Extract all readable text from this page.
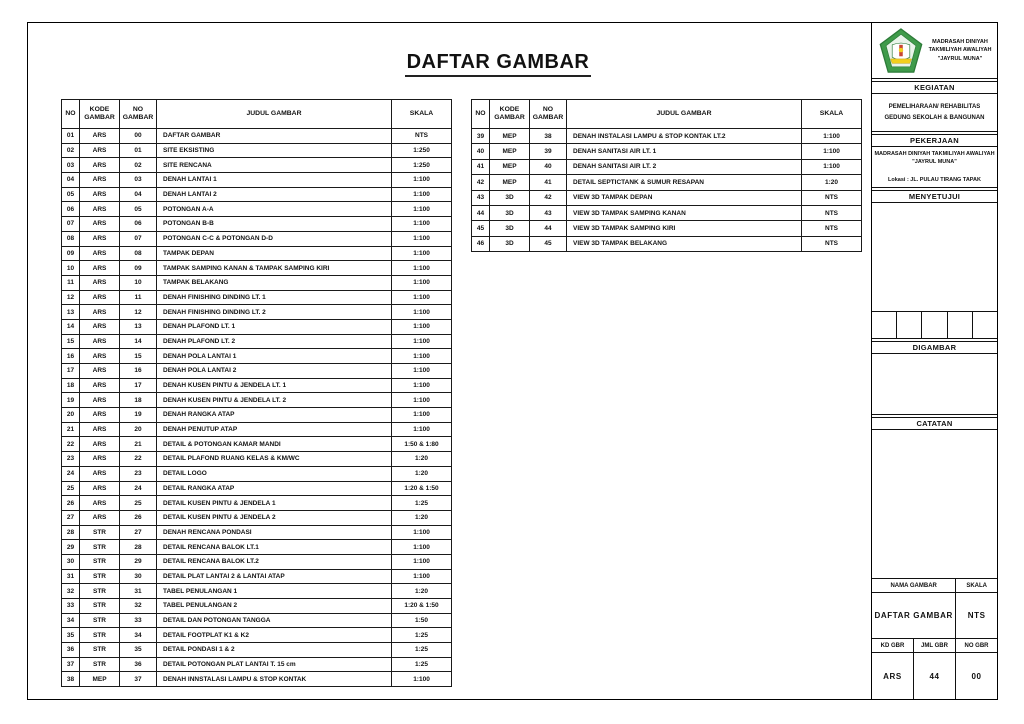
DAFTAR GAMBAR
NO	KODE GAMBAR	NO GAMBAR	JUDUL GAMBAR	SKALA
01	ARS	00	DAFTAR GAMBAR	NTS
02	ARS	01	SITE EKSISTING	1:250
03	ARS	02	SITE RENCANA	1:250
04	ARS	03	DENAH LANTAI 1	1:100
05	ARS	04	DENAH LANTAI 2	1:100
06	ARS	05	POTONGAN A-A	1:100
07	ARS	06	POTONGAN B-B	1:100
08	ARS	07	POTONGAN C-C & POTONGAN D-D	1:100
09	ARS	08	TAMPAK DEPAN	1:100
10	ARS	09	TAMPAK SAMPING KANAN & TAMPAK SAMPING KIRI	1:100
11	ARS	10	TAMPAK BELAKANG	1:100
12	ARS	11	DENAH FINISHING DINDING LT. 1	1:100
13	ARS	12	DENAH FINISHING DINDING LT. 2	1:100
14	ARS	13	DENAH PLAFOND LT. 1	1:100
15	ARS	14	DENAH PLAFOND LT. 2	1:100
16	ARS	15	DENAH POLA LANTAI 1	1:100
17	ARS	16	DENAH POLA LANTAI 2	1:100
18	ARS	17	DENAH KUSEN PINTU & JENDELA LT. 1	1:100
19	ARS	18	DENAH KUSEN PINTU & JENDELA LT. 2	1:100
20	ARS	19	DENAH RANGKA ATAP	1:100
21	ARS	20	DENAH PENUTUP ATAP	1:100
22	ARS	21	DETAIL & POTONGAN KAMAR MANDI	1:50 & 1:80
23	ARS	22	DETAIL PLAFOND RUANG KELAS & KM/WC	1:20
24	ARS	23	DETAIL LOGO	1:20
25	ARS	24	DETAIL RANGKA ATAP	1:20 & 1:50
26	ARS	25	DETAIL KUSEN PINTU & JENDELA 1	1:25
27	ARS	26	DETAIL KUSEN PINTU & JENDELA 2	1:20
28	STR	27	DENAH RENCANA PONDASI	1:100
29	STR	28	DETAIL RENCANA BALOK LT.1	1:100
30	STR	29	DETAIL RENCANA BALOK LT.2	1:100
31	STR	30	DETAIL PLAT LANTAI 2 & LANTAI ATAP	1:100
32	STR	31	TABEL PENULANGAN 1	1:20
33	STR	32	TABEL PENULANGAN 2	1:20 & 1:50
34	STR	33	DETAIL DAN POTONGAN TANGGA	1:50
35	STR	34	DETAIL FOOTPLAT K1 & K2	1:25
36	STR	35	DETAIL PONDASI 1 & 2	1:25
37	STR	36	DETAIL POTONGAN PLAT LANTAI T. 15 cm	1:25
38	MEP	37	DENAH INNSTALASI LAMPU & STOP KONTAK	1:100
NO	KODE GAMBAR	NO GAMBAR	JUDUL GAMBAR	SKALA
39	MEP	38	DENAH INSTALASI LAMPU & STOP KONTAK LT.2	1:100
40	MEP	39	DENAH SANITASI AIR LT. 1	1:100
41	MEP	40	DENAH SANITASI AIR LT. 2	1:100
42	MEP	41	DETAIL SEPTICTANK & SUMUR RESAPAN	1:20
43	3D	42	VIEW 3D TAMPAK DEPAN	NTS
44	3D	43	VIEW 3D TAMPAK SAMPING KANAN	NTS
45	3D	44	VIEW 3D TAMPAK SAMPING KIRI	NTS
46	3D	45	VIEW 3D TAMPAK BELAKANG	NTS
MADRASAH DINIYAH TAKMILIYAH AWALIYAH "JAYRUL MUNA"
KEGIATAN
PEMELIHARAAN/ REHABILITAS GEDUNG SEKOLAH & BANGUNAN
PEKERJAAN
MADRASAH DINIYAH TAKMILIYAH AWALIYAH "JAYRUL MUNA"
Lokasi : JL. PULAU TIRANG TAPAK
MENYETUJUI
DIGAMBAR
CATATAN
NAMA GAMBAR	SKALA
DAFTAR GAMBAR	NTS
KD GBR	JML GBR	NO GBR
ARS	44	00
